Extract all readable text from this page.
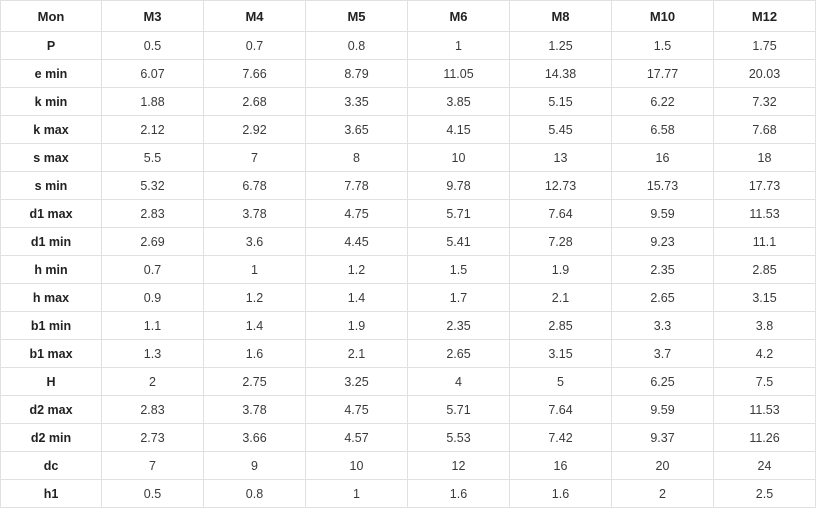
Mon	M3	M4	M5	M6	M8	M10	M12
P	0.5	0.7	0.8	1	1.25	1.5	1.75
e min	6.07	7.66	8.79	11.05	14.38	17.77	20.03
k min	1.88	2.68	3.35	3.85	5.15	6.22	7.32
k max	2.12	2.92	3.65	4.15	5.45	6.58	7.68
s max	5.5	7	8	10	13	16	18
s min	5.32	6.78	7.78	9.78	12.73	15.73	17.73
d1 max	2.83	3.78	4.75	5.71	7.64	9.59	11.53
d1 min	2.69	3.6	4.45	5.41	7.28	9.23	11.1
h min	0.7	1	1.2	1.5	1.9	2.35	2.85
h max	0.9	1.2	1.4	1.7	2.1	2.65	3.15
b1 min	1.1	1.4	1.9	2.35	2.85	3.3	3.8
b1 max	1.3	1.6	2.1	2.65	3.15	3.7	4.2
H	2	2.75	3.25	4	5	6.25	7.5
d2 max	2.83	3.78	4.75	5.71	7.64	9.59	11.53
d2 min	2.73	3.66	4.57	5.53	7.42	9.37	11.26
dc	7	9	10	12	16	20	24
h1	0.5	0.8	1	1.6	1.6	2	2.5
